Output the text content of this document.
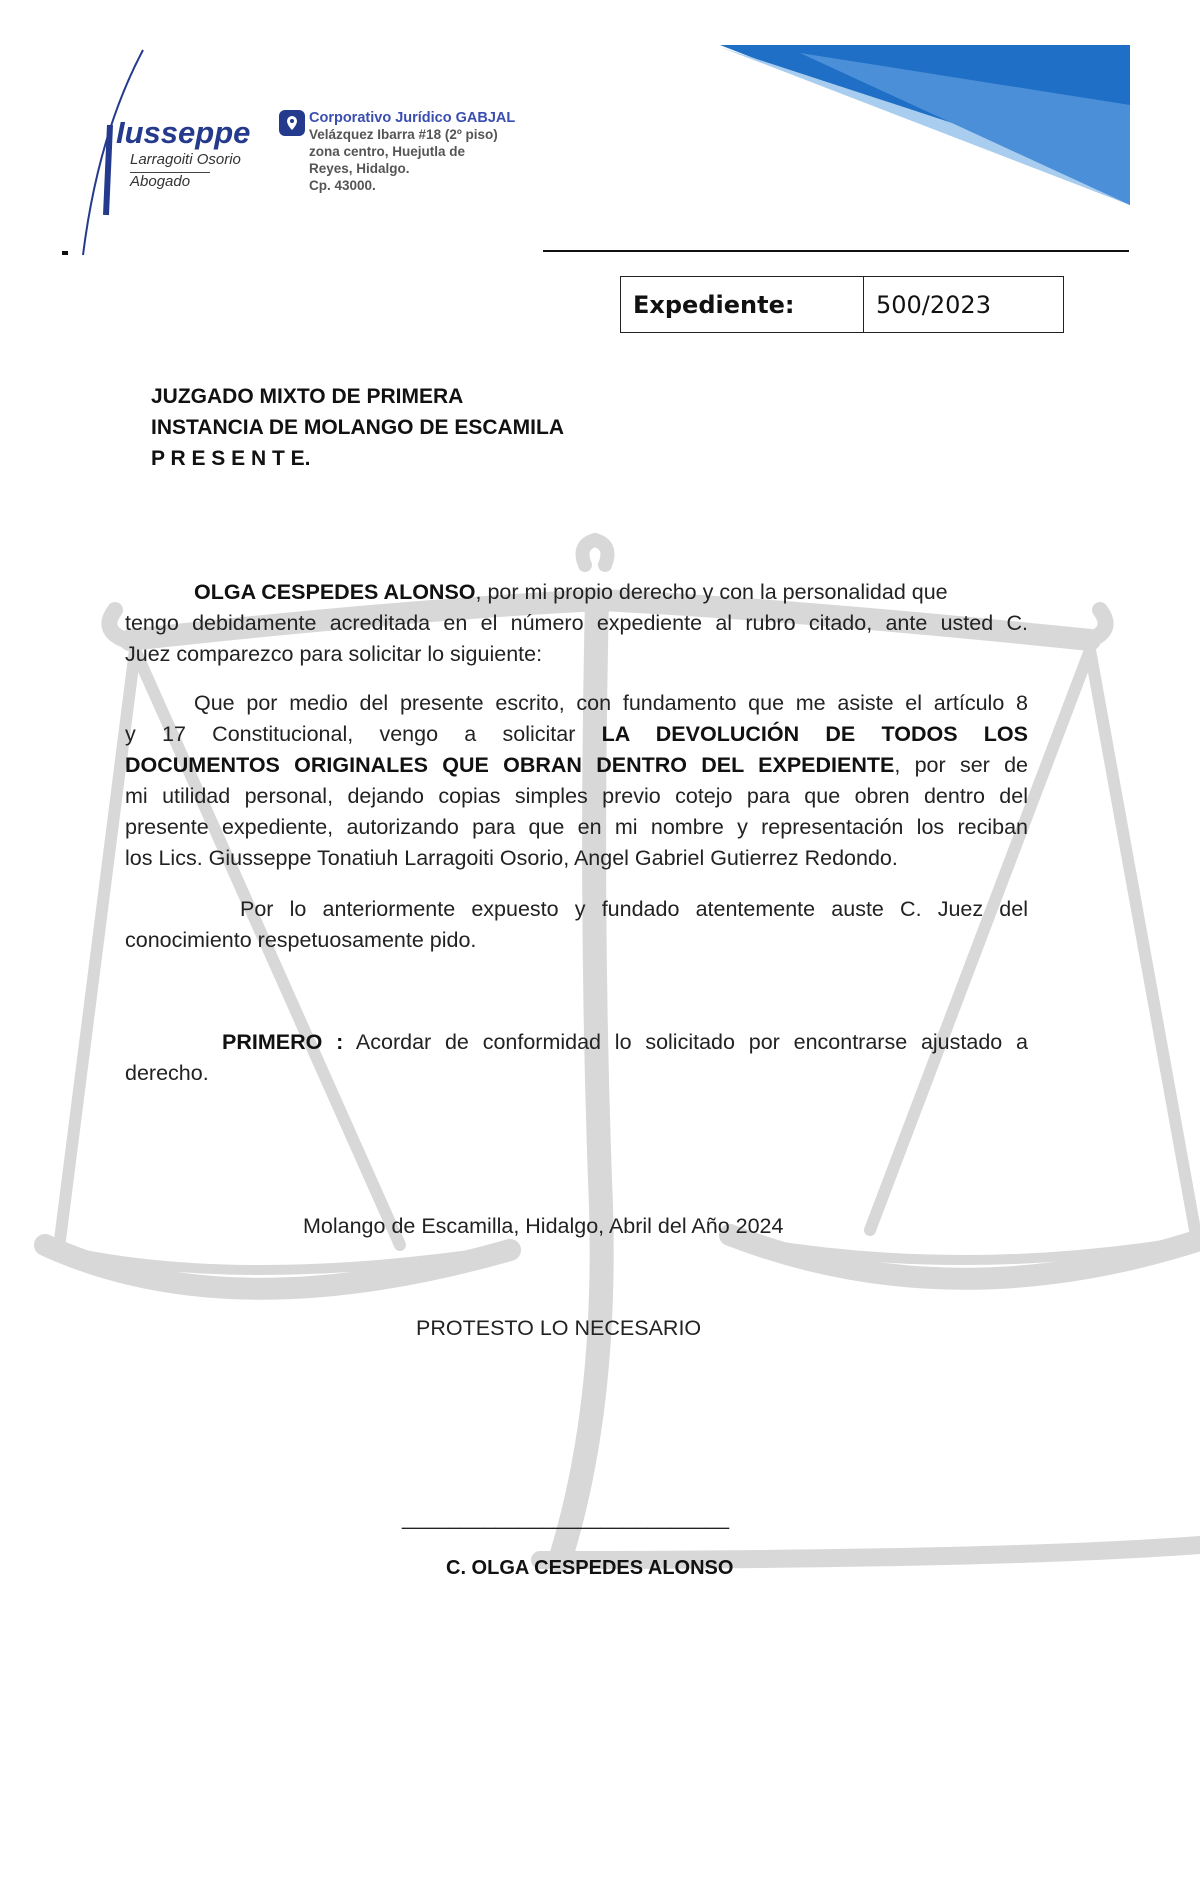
Iusseppe
Larragoiti Osorio
Abogado
Corporativo Jurídico GABJAL
Velázquez Ibarra #18 (2º piso)
zona centro, Huejutla de
Reyes, Hidalgo.
Cp. 43000.
Expediente:	500/2023
JUZGADO MIXTO DE PRIMERA
INSTANCIA DE MOLANGO DE ESCAMILA
P R E S E N T E.
OLGA CESPEDES ALONSO, por mi propio derecho y con la personalidad que
tengo debidamente acreditada en el número expediente al rubro citado, ante usted C.
Juez comparezco para solicitar lo siguiente:
Que por medio del presente escrito, con fundamento que me asiste el artículo 8
y 17 Constitucional, vengo a solicitar LA DEVOLUCIÓN DE TODOS LOS
DOCUMENTOS ORIGINALES QUE OBRAN DENTRO DEL EXPEDIENTE, por ser de
mi utilidad personal, dejando copias simples previo cotejo para que obren dentro del
presente expediente, autorizando para que en mi nombre y representación los reciban
los Lics. Giusseppe Tonatiuh Larragoiti Osorio, Angel Gabriel Gutierrez Redondo.
Por lo anteriormente expuesto y fundado atentemente auste C. Juez del
conocimiento respetuosamente pido.
PRIMERO : Acordar de conformidad lo solicitado por encontrarse ajustado a
derecho.
Molango de Escamilla, Hidalgo, Abril del Año 2024
PROTESTO LO NECESARIO
____________________________
C. OLGA CESPEDES ALONSO
